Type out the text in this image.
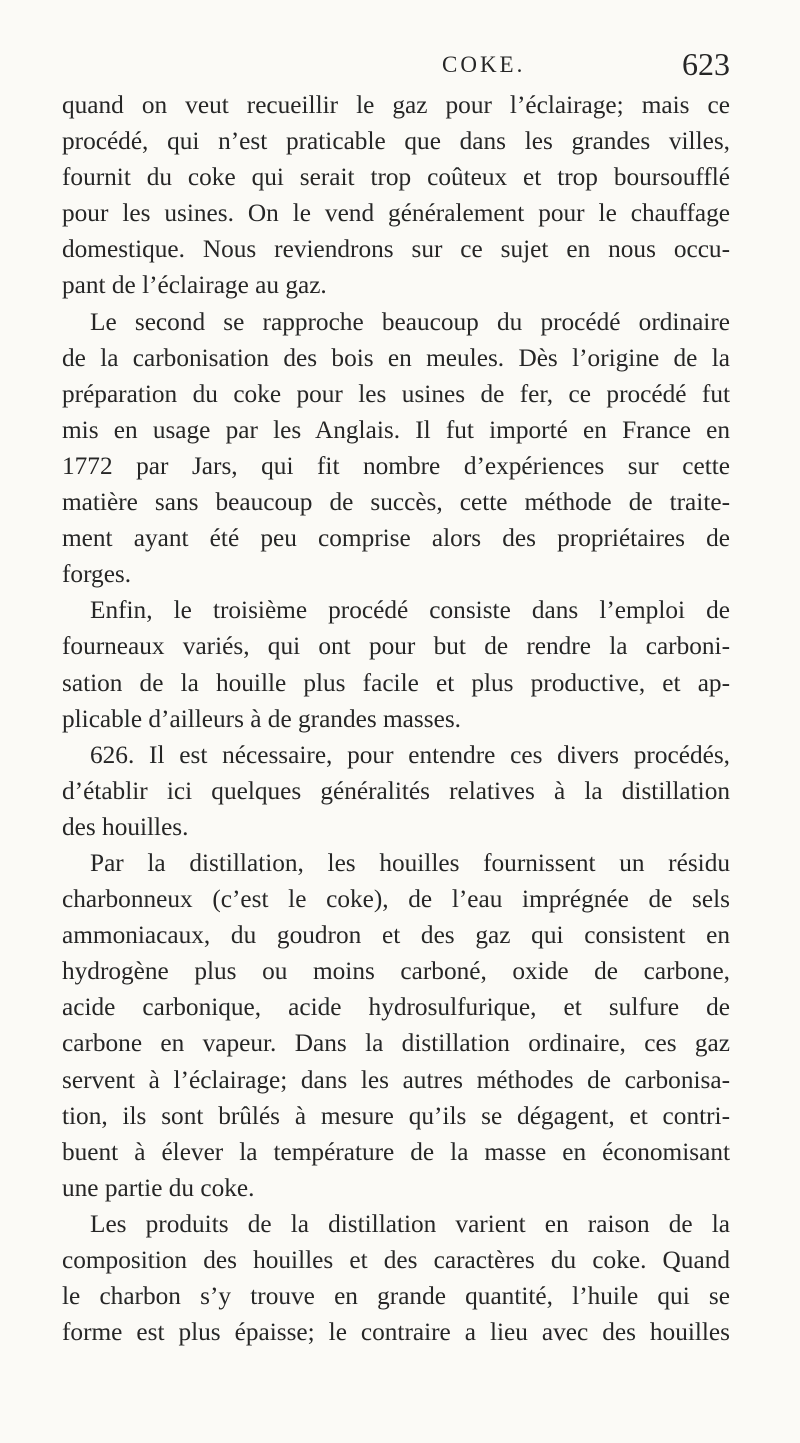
COKE.	623
quand on veut recueillir le gaz pour l’éclairage; mais ce
procédé, qui n’est praticable que dans les grandes villes,
fournit du coke qui serait trop coûteux et trop boursoufflé
pour les usines. On le vend généralement pour le chauffage
domestique. Nous reviendrons sur ce sujet en nous occu-
pant de l’éclairage au gaz.
Le second se rapproche beaucoup du procédé ordinaire
de la carbonisation des bois en meules. Dès l’origine de la
préparation du coke pour les usines de fer, ce procédé fut
mis en usage par les Anglais. Il fut importé en France en
1772 par Jars, qui fit nombre d’expériences sur cette
matière sans beaucoup de succès, cette méthode de traite-
ment ayant été peu comprise alors des propriétaires de
forges.
Enfin, le troisième procédé consiste dans l’emploi de
fourneaux variés, qui ont pour but de rendre la carboni-
sation de la houille plus facile et plus productive, et ap-
plicable d’ailleurs à de grandes masses.
626. Il est nécessaire, pour entendre ces divers procédés,
d’établir ici quelques généralités relatives à la distillation
des houilles.
Par la distillation, les houilles fournissent un résidu
charbonneux (c’est le coke), de l’eau imprégnée de sels
ammoniacaux, du goudron et des gaz qui consistent en
hydrogène plus ou moins carboné, oxide de carbone,
acide carbonique, acide hydrosulfurique, et sulfure de
carbone en vapeur. Dans la distillation ordinaire, ces gaz
servent à l’éclairage; dans les autres méthodes de carbonisa-
tion, ils sont brûlés à mesure qu’ils se dégagent, et contri-
buent à élever la température de la masse en économisant
une partie du coke.
Les produits de la distillation varient en raison de la
composition des houilles et des caractères du coke. Quand
le charbon s’y trouve en grande quantité, l’huile qui se
forme est plus épaisse; le contraire a lieu avec des houilles
